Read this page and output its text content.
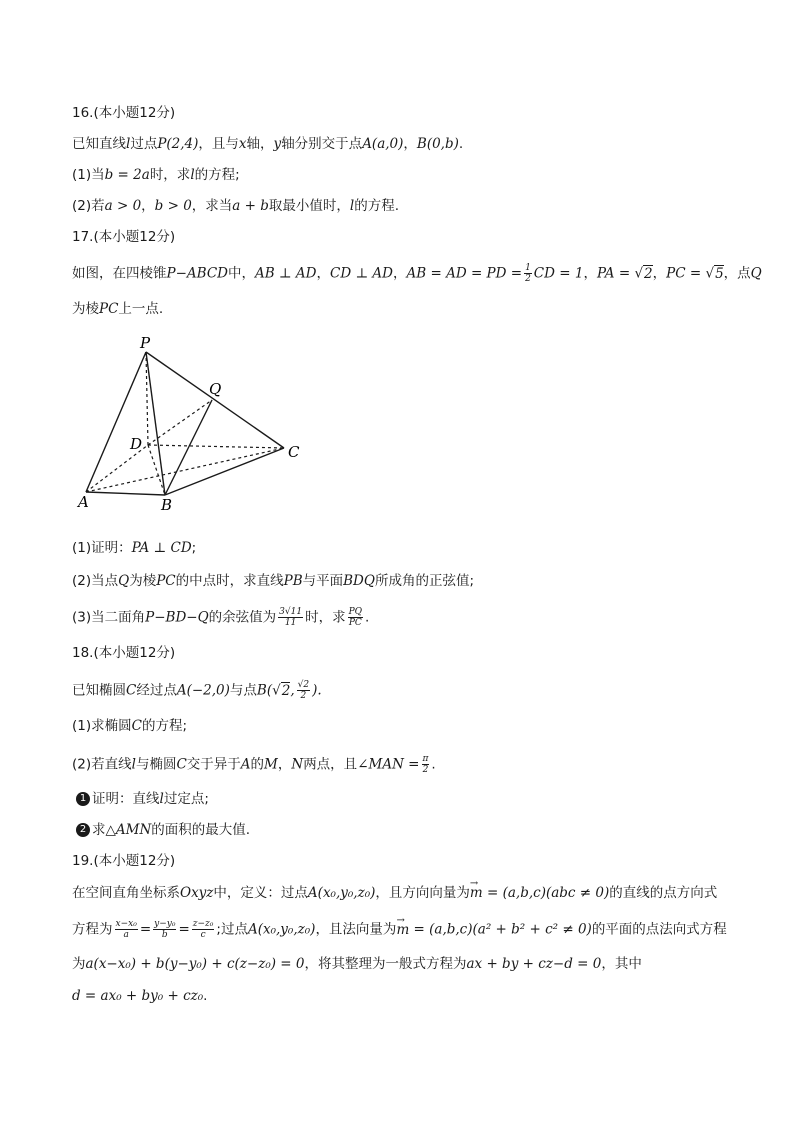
16.(本小题12分)
已知直线l过点P(2,4)，且与x轴，y轴分别交于点A(a,0)，B(0,b).
(1)当b = 2a时，求l的方程;
(2)若a > 0，b > 0，求当a + b取最小值时，l的方程.
17.(本小题12分)
如图，在四棱锥P−ABCD中，AB ⊥ AD，CD ⊥ AD，AB = AD = PD = $\frac{1}{2}$ CD = 1，PA = √2，PC = √5，点Q
为棱PC上一点.
P
Q
D	C
A	B
(1)证明：PA ⊥ CD;
(2)当点Q为棱PC的中点时，求直线PB与平面BDQ所成角的正弦值;
(3)当二面角P−BD−Q的余弦值为 $\frac{3√11}{11}$ 时，求 $\frac{PQ}{PC}$ .
18.(本小题12分)
已知椭圆C经过点A(−2,0)与点B(√2, $\frac{√2}{2}$ ).
(1)求椭圆C的方程;
(2)若直线l与椭圆C交于异于A的M，N两点，且∠MAN = $\frac{\pi}{2}$ .
1 证明：直线l过定点;
2 求△AMN的面积的最大值.
19.(本小题12分)
在空间直角坐标系Oxyz中，定义：过点A(x₀,y₀,z₀)，且方向向量为→ m = (a,b,c)(abc ≠ 0)的直线的点方向式
方程为 $\frac{\text{x−x₀}}{a} = \frac{\text{y−y₀}}{b} = \frac{\text{z−z₀}}{c}$ ;过点A(x₀,y₀,z₀)，且法向量为→ m = (a,b,c)(a² + b² + c² ≠ 0)的平面的点法向式方程
为a(x−x₀) + b(y−y₀) + c(z−z₀) = 0，将其整理为一般式方程为ax + by + cz−d = 0，其中
d = ax₀ + by₀ + cz₀.
